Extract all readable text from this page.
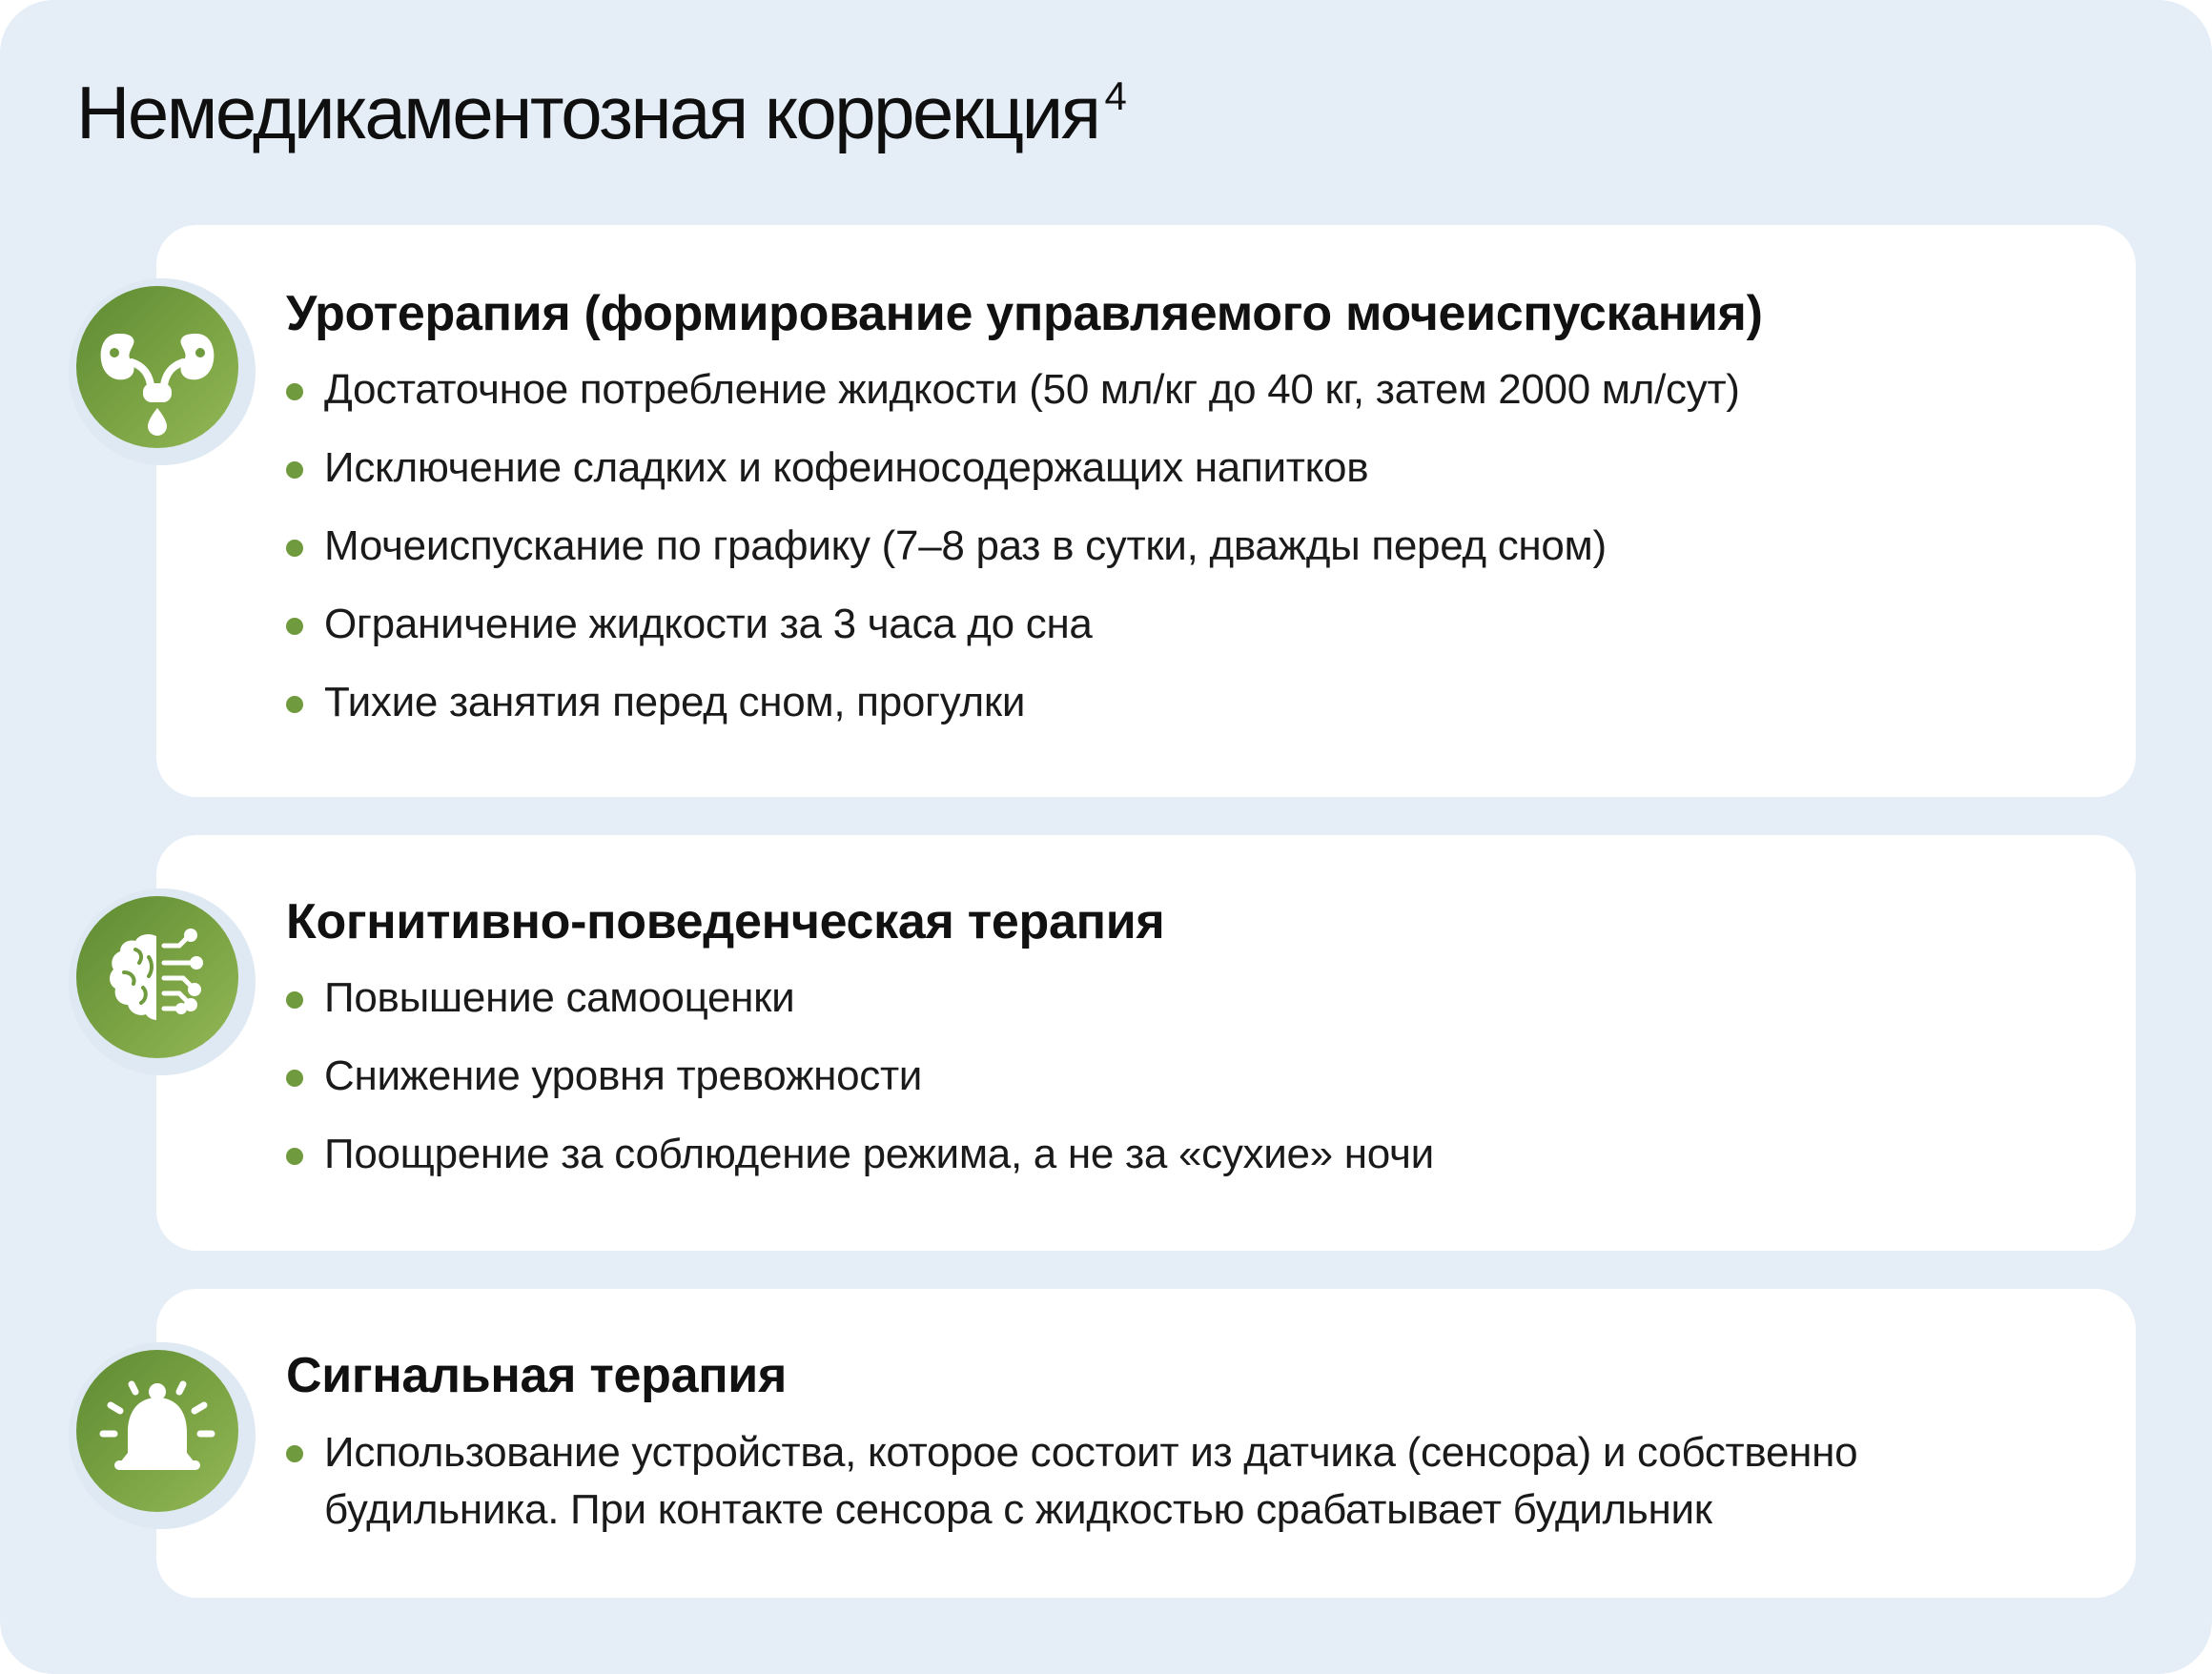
Немедикаментозная коррекция $^4$
Уротерапия (формирование управляемого мочеиспускания)
Достаточное потребление жидкости (50 мл/кг до 40 кг, затем 2000 мл/сут)
Исключение сладких и кофеиносодержащих напитков
Мочеиспускание по графику (7–8 раз в сутки, дважды перед сном)
Ограничение жидкости за 3 часа до сна
Тихие занятия перед сном, прогулки
Когнитивно-поведенческая терапия
Повышение самооценки
Снижение уровня тревожности
Поощрение за соблюдение режима, а не за «сухие» ночи
Сигнальная терапия
Использование устройства, которое состоит из датчика (сенсора) и собственно будильника. При контакте сенсора с жидкостью срабатывает будильник
